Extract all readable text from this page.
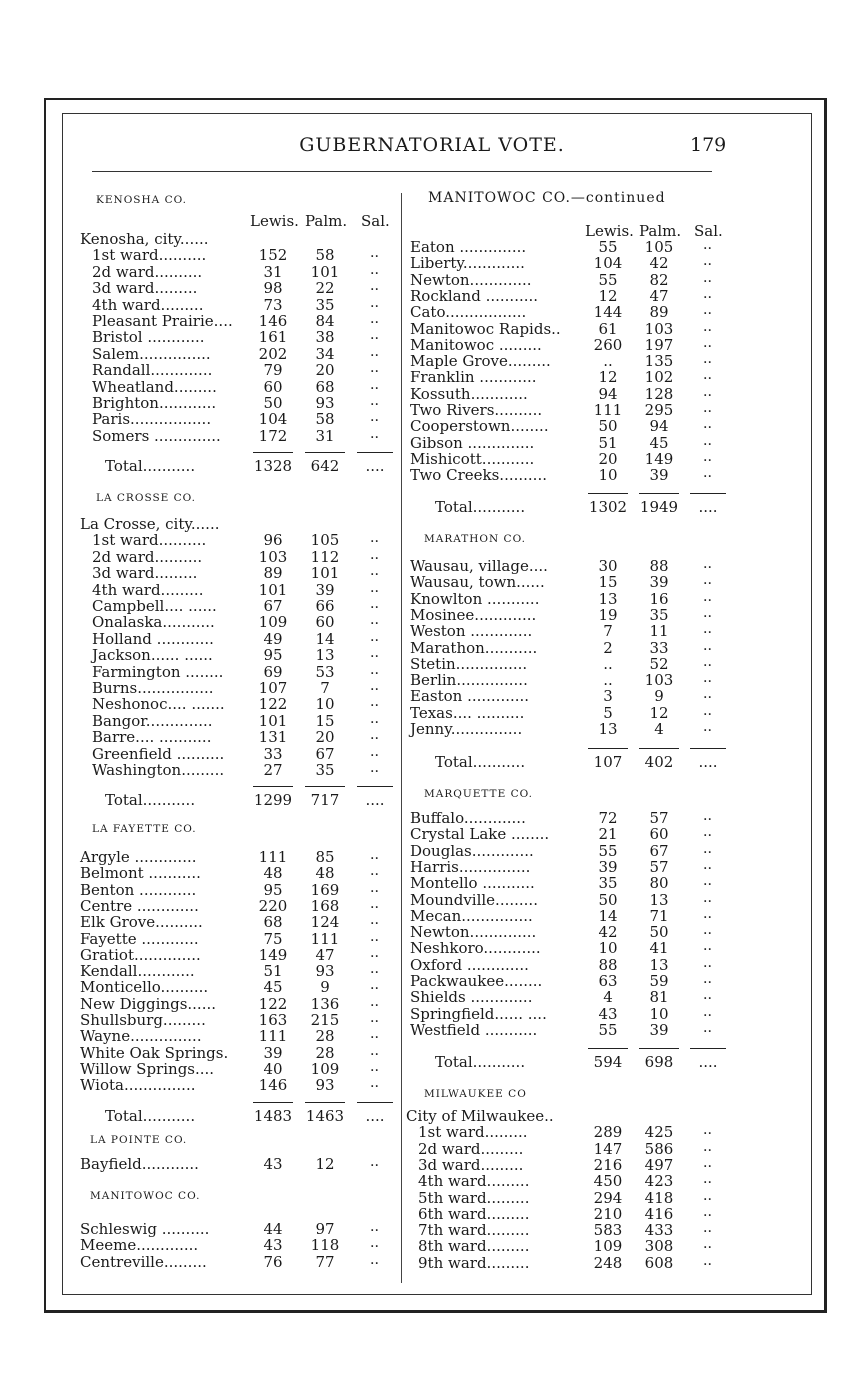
GUBERNATORIAL VOTE.	179
KENOSHA CO.
Lewis. Palm. Sal.
Kenosha, city......
1st ward..........	152	58	..
2d ward..........	31	101	..
3d ward.........	98	22	..
4th ward.........	73	35	..
Pleasant Prairie....	146	84	..
Bristol ............	161	38	..
Salem...............	202	34	..
Randall.............	79	20	..
Wheatland.........	60	68	..
Brighton............	50	93	..
Paris.................	104	58	..
Somers ..............	172	31	..
Total...........	1328	642	....
LA CROSSE CO.
La Crosse, city......
1st ward..........	96	105	..
2d ward..........	103	112	..
3d ward.........	89	101	..
4th ward.........	101	39	..
Campbell.... ......	67	66	..
Onalaska...........	109	60	..
Holland ............	49	14	..
Jackson...... ......	95	13	..
Farmington ........	69	53	..
Burns................	107	7	..
Neshonoc.... .......	122	10	..
Bangor..............	101	15	..
Barre.... ...........	131	20	..
Greenfield ..........	33	67	..
Washington.........	27	35	..
Total...........	1299	717	....
LA FAYETTE CO.
Argyle .............	111	85	..
Belmont ...........	48	48	..
Benton ............	95	169	..
Centre .............	220	168	..
Elk Grove..........	68	124	..
Fayette ............	75	111	..
Gratiot..............	149	47	..
Kendall............	51	93	..
Monticello..........	45	9	..
New Diggings......	122	136	..
Shullsburg.........	163	215	..
Wayne...............	111	28	..
White Oak Springs.	39	28	..
Willow Springs....	40	109	..
Wiota...............	146	93	..
Total...........	1483 1463	....
LA POINTE CO.
Bayfield............	43	12	..
MANITOWOC CO.
Schleswig ..........	44	97	..
Meeme.............	43	118	..
Centreville.........	76	77	..
MANITOWOC CO.—continued
Lewis. Palm. Sal.
Eaton ..............	55	105	..
Liberty.............	104	42	..
Newton.............	55	82	..
Rockland ...........	12	47	..
Cato.................	144	89	..
Manitowoc Rapids..	61	103	..
Manitowoc .........	260	197	..
Maple Grove.........	..	135	..
Franklin ............	12	102	..
Kossuth............	94	128	..
Two Rivers..........	111	295	..
Cooperstown........	50	94	..
Gibson ..............	51	45	..
Mishicott...........	20	149	..
Two Creeks..........	10	39	..
Total...........	1302 1949	....
MARATHON CO.
Wausau, village....	30	88	..
Wausau, town......	15	39	..
Knowlton ...........	13	16	..
Mosinee.............	19	35	..
Weston .............	7	11	..
Marathon...........	2	33	..
Stetin...............	..	52	..
Berlin...............	..	103	..
Easton .............	3	9	..
Texas.... ..........	5	12	..
Jenny...............	13	4	..
Total...........	107	402	....
MARQUETTE CO.
Buffalo.............	72	57	..
Crystal Lake ........	21	60	..
Douglas.............	55	67	..
Harris...............	39	57	..
Montello ...........	35	80	..
Moundville.........	50	13	..
Mecan...............	14	71	..
Newton..............	42	50	..
Neshkoro............	10	41	..
Oxford .............	88	13	..
Packwaukee........	63	59	..
Shields .............	4	81	..
Springfield...... ....	43	10	..
Westfield ...........	55	39	..
Total...........	594	698	....
MILWAUKEE CO
City of Milwaukee..
1st ward.........	289	425	..
2d ward.........	147	586	..
3d ward.........	216	497	..
4th ward.........	450	423	..
5th ward.........	294	418	..
6th ward.........	210	416	..
7th ward.........	583	433	..
8th ward.........	109	308	..
9th ward.........	248	608	..
